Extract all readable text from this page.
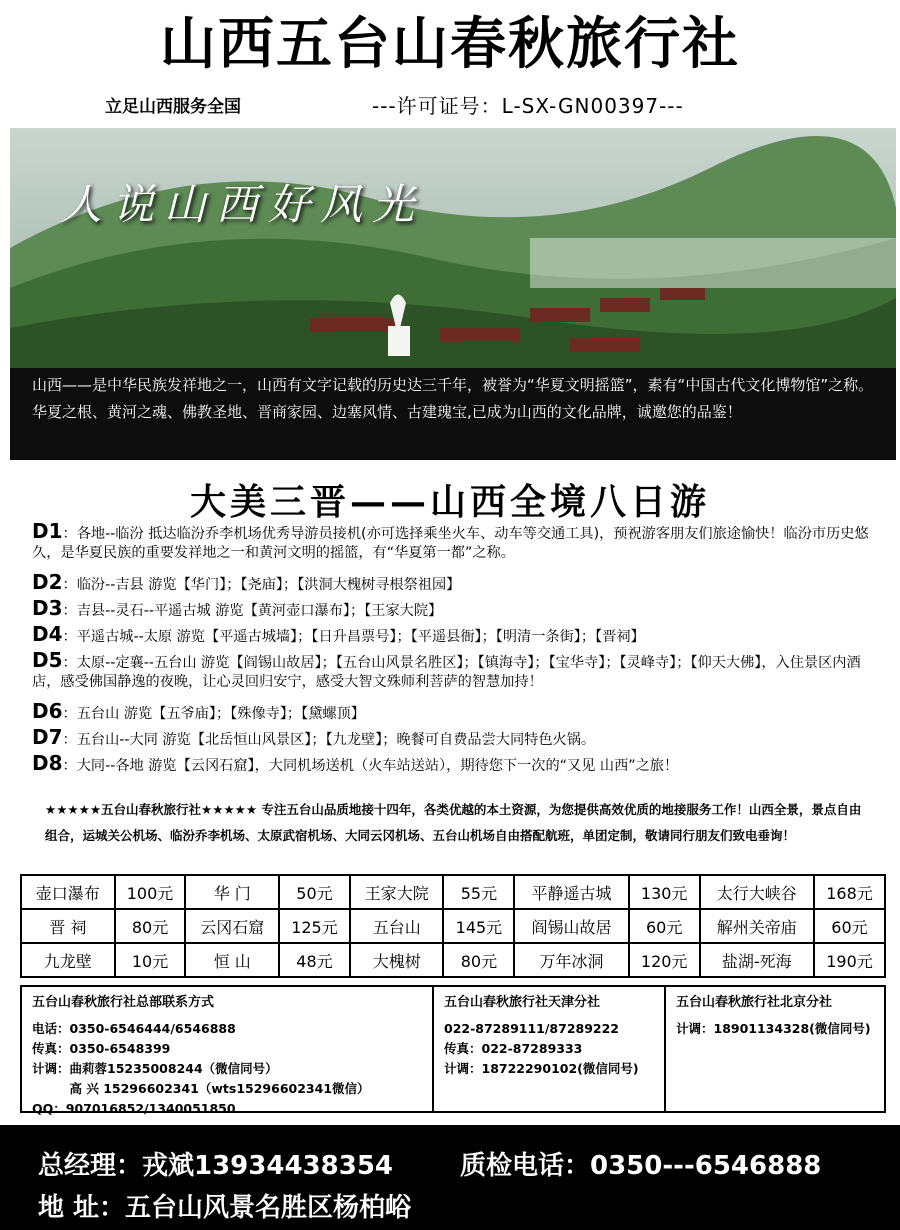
山西五台山春秋旅行社
立足山西服务全国	---许可证号：L-SX-GN00397---
人说山西好风光
山西——是中华民族发祥地之一，山西有文字记载的历史达三千年，被誉为“华夏文明摇篮”，素有“中国古代文化博物馆”之称。华夏之根、黄河之魂、佛教圣地、晋商家园、边塞风情、古建瑰宝,已成为山西的文化品牌，诚邀您的品鉴！
大美三晋——山西全境八日游
D1：各地--临汾 抵达临汾乔李机场优秀导游员接机(亦可选择乘坐火车、动车等交通工具)，预祝游客朋友们旅途愉快！临汾市历史悠久，是华夏民族的重要发祥地之一和黄河文明的摇篮，有“华夏第一都”之称。
D2：临汾--吉县 游览【华门】；【尧庙】；【洪洞大槐树寻根祭祖园】
D3：吉县--灵石--平遥古城 游览【黄河壶口瀑布】；【王家大院】
D4：平遥古城--太原 游览【平遥古城墙】；【日升昌票号】；【平遥县衙】；【明清一条街】；【晋祠】
D5：太原--定襄--五台山 游览【阎锡山故居】；【五台山风景名胜区】；【镇海寺】；【宝华寺】；【灵峰寺】；【仰天大佛】，入住景区内酒店，感受佛国静逸的夜晚，让心灵回归安宁，感受大智文殊师利菩萨的智慧加持！
D6：五台山 游览【五爷庙】；【殊像寺】；【黛螺顶】
D7：五台山--大同 游览【北岳恒山风景区】；【九龙壁】；晚餐可自费品尝大同特色火锅。
D8：大同--各地 游览【云冈石窟】，大同机场送机（火车站送站），期待您下一次的“又见 山西”之旅！
★★★★★五台山春秋旅行社★★★★★ 专注五台山品质地接十四年，各类优越的本土资源，为您提供高效优质的地接服务工作！山西全景，景点自由组合，运城关公机场、临汾乔李机场、太原武宿机场、大同云冈机场、五台山机场自由搭配航班，单团定制，敬请同行朋友们致电垂询！
壶口瀑布	100元	华 门	50元	王家大院	55元	平静遥古城	130元	太行大峡谷	168元
晋 祠	80元	云冈石窟	125元	五台山	145元	阎锡山故居	60元	解州关帝庙	60元
九龙壁	10元	恒 山	48元	大槐树	80元	万年冰洞	120元	盐湖-死海	190元
五台山春秋旅行社总部联系方式
电话：0350-6546444/6546888
传真：0350-6548399
计调：曲莉蓉15235008244（微信同号）
　　　高 兴 15296602341（wts15296602341微信）
QQ：907016852/1340051850
五台山春秋旅行社天津分社
022-87289111/87289222
传真：022-87289333
计调：18722290102(微信同号)
五台山春秋旅行社北京分社
计调：18901134328(微信同号)
总经理：戎斌13934438354	质检电话：0350---6546888
地 址：五台山风景名胜区杨柏峪
